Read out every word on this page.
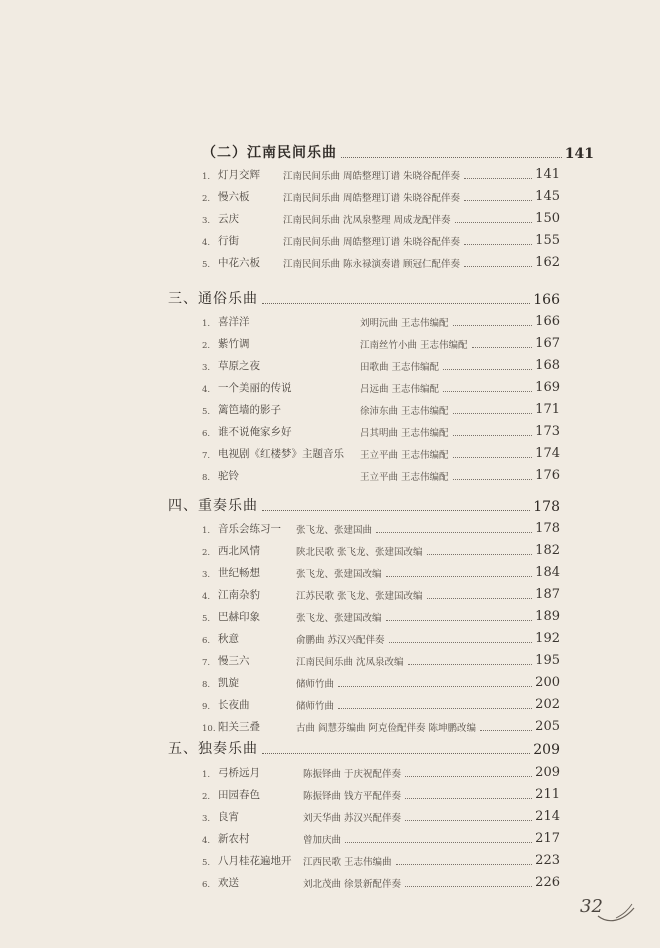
（二）江南民间乐曲	141
1. 灯月交辉	江南民间乐曲 周皓整理订谱 朱晓谷配伴奏	141
2. 慢六板	江南民间乐曲 周皓整理订谱 朱晓谷配伴奏	145
3. 云庆	江南民间乐曲 沈凤泉整理 周成龙配伴奏	150
4. 行街	江南民间乐曲 周皓整理订谱 朱晓谷配伴奏	155
5. 中花六板	江南民间乐曲 陈永禄演奏谱 顾冠仁配伴奏	162
三、通俗乐曲	166
1. 喜洋洋	刘明沅曲 王志伟编配	166
2. 紫竹调	江南丝竹小曲 王志伟编配	167
3. 草原之夜	田歌曲 王志伟编配	168
4. 一个美丽的传说	吕远曲 王志伟编配	169
5. 篱笆墙的影子	徐沛东曲 王志伟编配	171
6. 谁不说俺家乡好	吕其明曲 王志伟编配	173
7. 电视剧《红楼梦》主题音乐	王立平曲 王志伟编配	174
8. 驼铃	王立平曲 王志伟编配	176
四、重奏乐曲	178
1. 音乐会练习一	张飞龙、张建国曲	178
2. 西北风情	陕北民歌 张飞龙、张建国改编	182
3. 世纪畅想	张飞龙、张建国改编	184
4. 江南杂豹	江苏民歌 张飞龙、张建国改编	187
5. 巴赫印象	张飞龙、张建国改编	189
6. 秋意	俞鹏曲 苏汉兴配伴奏	192
7. 慢三六	江南民间乐曲 沈凤泉改编	195
8. 凯旋	储师竹曲	200
9. 长夜曲	储师竹曲	202
10. 阳关三叠	古曲 阎慧芬编曲 阿克俭配伴奏 陈坤鹏改编	205
五、独奏乐曲	209
1. 弓桥远月	陈振铎曲 于庆祝配伴奏	209
2. 田园春色	陈振铎曲 钱方平配伴奏	211
3. 良宵	刘天华曲 苏汉兴配伴奏	214
4. 新农村	曾加庆曲	217
5. 八月桂花遍地开	江西民歌 王志伟编曲	223
6. 欢送	刘北茂曲 徐景新配伴奏	226
32
